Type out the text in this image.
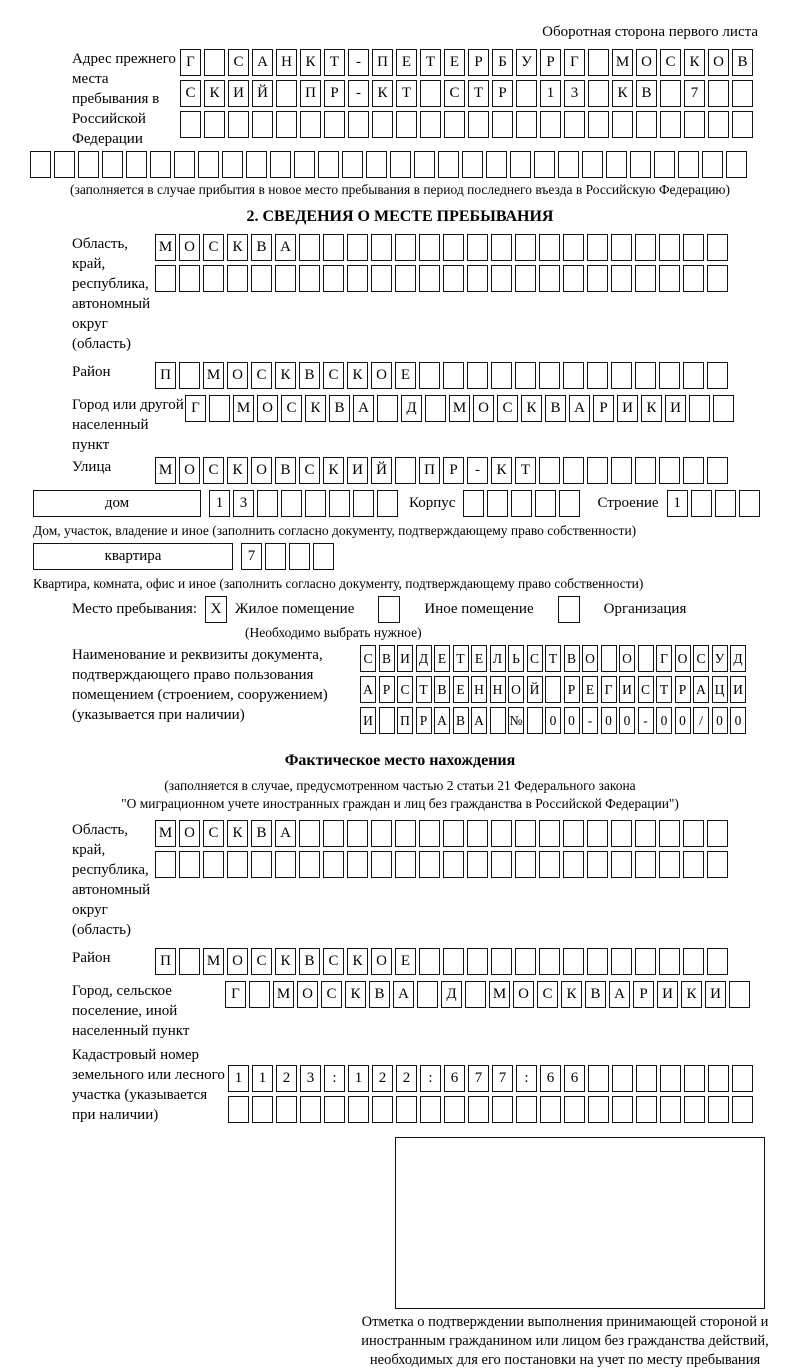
Оборотная сторона первого листа
Адрес прежнего места пребывания в Российской Федерации
Г	С А Н К Т	-	П Е Т Е	Р	Б У Р	Г	М О С К О В
С К И Й	П Р	-	К Т	С Т	Р	1	3	К В	7
(заполняется в случае прибытия в новое место пребывания в период последнего въезда в Российскую Федерацию)
2. СВЕДЕНИЯ О МЕСТЕ ПРЕБЫВАНИЯ
Область, край, республика, автономный округ (область)
М О С К В А
Район	П	М О С К В С К О Е
Город или другой населенный пункт
Г	М О С К В А	Д	М О С К В А Р И К И
Улица	М О С К О В С К И Й	П Р	-	К Т
дом	1	3	Корпус	Строение 1
Дом, участок, владение и иное (заполнить согласно документу, подтверждающему право собственности)
квартира	7
Квартира, комната, офис и иное (заполнить согласно документу, подтверждающему право собственности)
Место пребывания: X Жилое помещение	Иное помещение	Организация
(Необходимо выбрать нужное)
Наименование и реквизиты документа, подтверждающего право пользования помещением (строением, сооружением) (указывается при наличии)
С В И Д Е Т Е Л Ь С Т В О О	Г О С У Д
А Р С Т В Е Н Н О Й	Р Е Г И С Т Р А Ц И
И П Р А В А №	0 0 - 0 0 - 0 0 / 0 0
Фактическое место нахождения
(заполняется в случае, предусмотренном частью 2 статьи 21 Федерального закона
"О миграционном учете иностранных граждан и лиц без гражданства в Российской Федерации")
Область, край, республика, автономный округ (область)
М О С К В А
Район	П	М О С К В С К О Е
Город, сельское поселение, иной населенный пункт
Г	М О С К В А	Д	М О С К В А Р И К И
Кадастровый номер земельного или лесного участка (указывается при наличии)
1	1	2	3	:	1	2	2	:	6	7	7	:	6	6
Отметка о подтверждении выполнения принимающей стороной и иностранным гражданином или лицом без гражданства действий, необходимых для его постановки на учет по месту пребывания
